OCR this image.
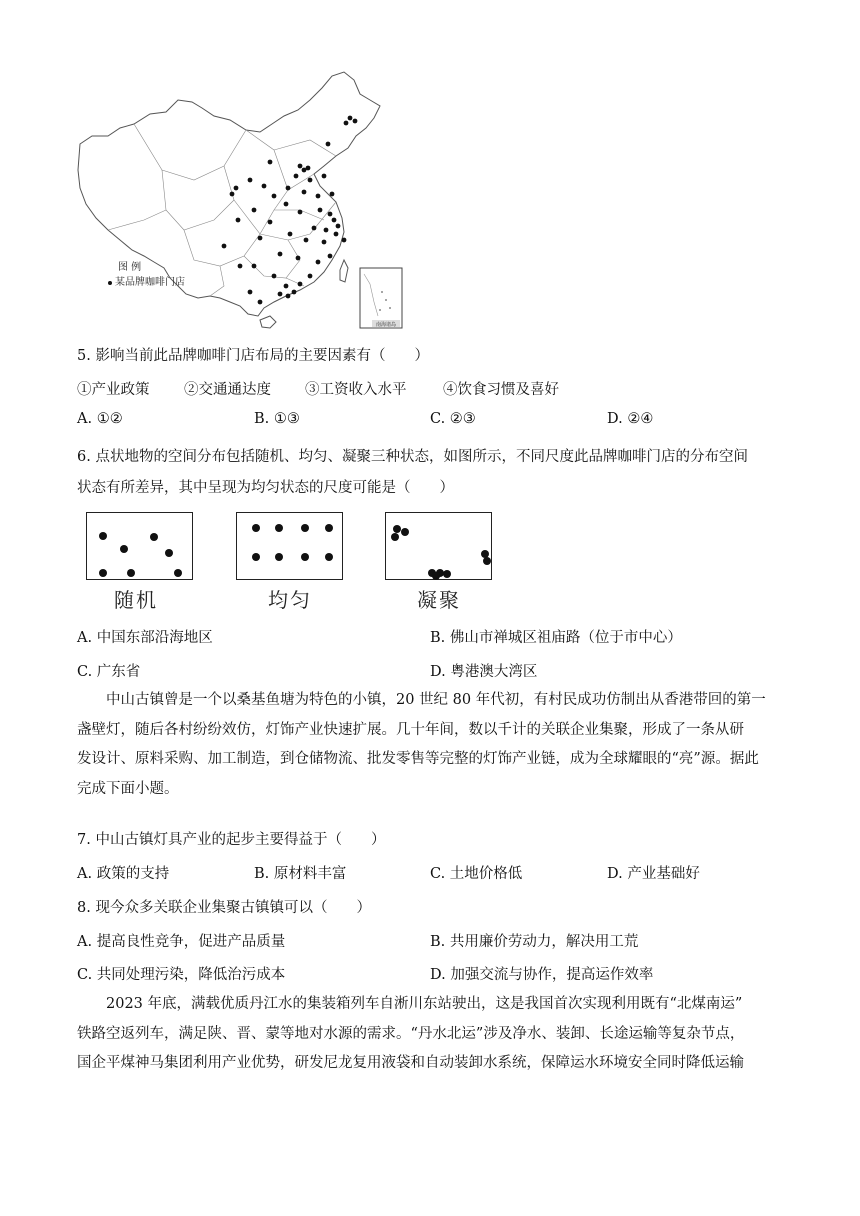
南海诸岛
图 例
某品牌咖啡门店
5. 影响当前此品牌咖啡门店布局的主要因素有（　　）
①产业政策 ②交通通达度 ③工资收入水平	④饮食习惯及喜好
A. ①②	B. ①③	C. ②③	D. ②④
6. 点状地物的空间分布包括随机、均匀、凝聚三种状态，如图所示，不同尺度此品牌咖啡门店的分布空间
状态有所差异，其中呈现为均匀状态的尺度可能是（　　）
随机	均匀	凝聚
A. 中国东部沿海地区	B. 佛山市禅城区祖庙路（位于市中心）
C. 广东省	D. 粤港澳大湾区

中山古镇曾是一个以桑基鱼塘为特色的小镇，20 世纪 80 年代初，有村民成功仿制出从香港带回的第一

盏壁灯，随后各村纷纷效仿，灯饰产业快速扩展。几十年间，数以千计的关联企业集聚，形成了一条从研

发设计、原料采购、加工制造，到仓储物流、批发零售等完整的灯饰产业链，成为全球耀眼的“亮”源。据此

完成下面小题。

7. 中山古镇灯具产业的起步主要得益于（　　）
A. 政策的支持	B. 原材料丰富	C. 土地价格低	D. 产业基础好
8. 现今众多关联企业集聚古镇镇可以（　　）
A. 提高良性竞争，促进产品质量	B. 共用廉价劳动力，解决用工荒
C. 共同处理污染，降低治污成本	D. 加强交流与协作，提高运作效率

2023 年底，满载优质丹江水的集装箱列车自淅川东站驶出，这是我国首次实现利用既有“北煤南运”

铁路空返列车，满足陕、晋、蒙等地对水源的需求。“丹水北运”涉及净水、装卸、长途运输等复杂节点，

国企平煤神马集团利用产业优势，研发尼龙复用液袋和自动装卸水系统，保障运水环境安全同时降低运输
